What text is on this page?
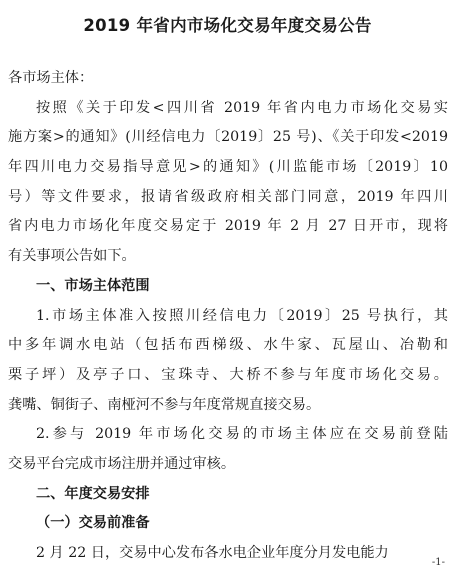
2019 年省内市场化交易年度交易公告
各市场主体：
按照《关于印发<四川省 2019 年省内电力市场化交易实
施方案>的通知》(川经信电力〔2019〕25 号)、《关于印发<2019
年四川电力交易指导意见>的通知》(川监能市场〔2019〕10
号）等文件要求，报请省级政府相关部门同意，2019 年四川
省内电力市场化年度交易定于 2019 年 2 月 27 日开市，现将
有关事项公告如下。
一、市场主体范围
1.市场主体准入按照川经信电力〔2019〕25 号执行，其
中多年调水电站（包括布西梯级、水牛家、瓦屋山、冶勒和
栗子坪）及亭子口、宝珠寺、大桥不参与年度市场化交易。
龚嘴、铜街子、南桠河不参与年度常规直接交易。
2.参与 2019 年市场化交易的市场主体应在交易前登陆
交易平台完成市场注册并通过审核。
二、年度交易安排
（一）交易前准备
2 月 22 日，交易中心发布各水电企业年度分月发电能力
-1-
